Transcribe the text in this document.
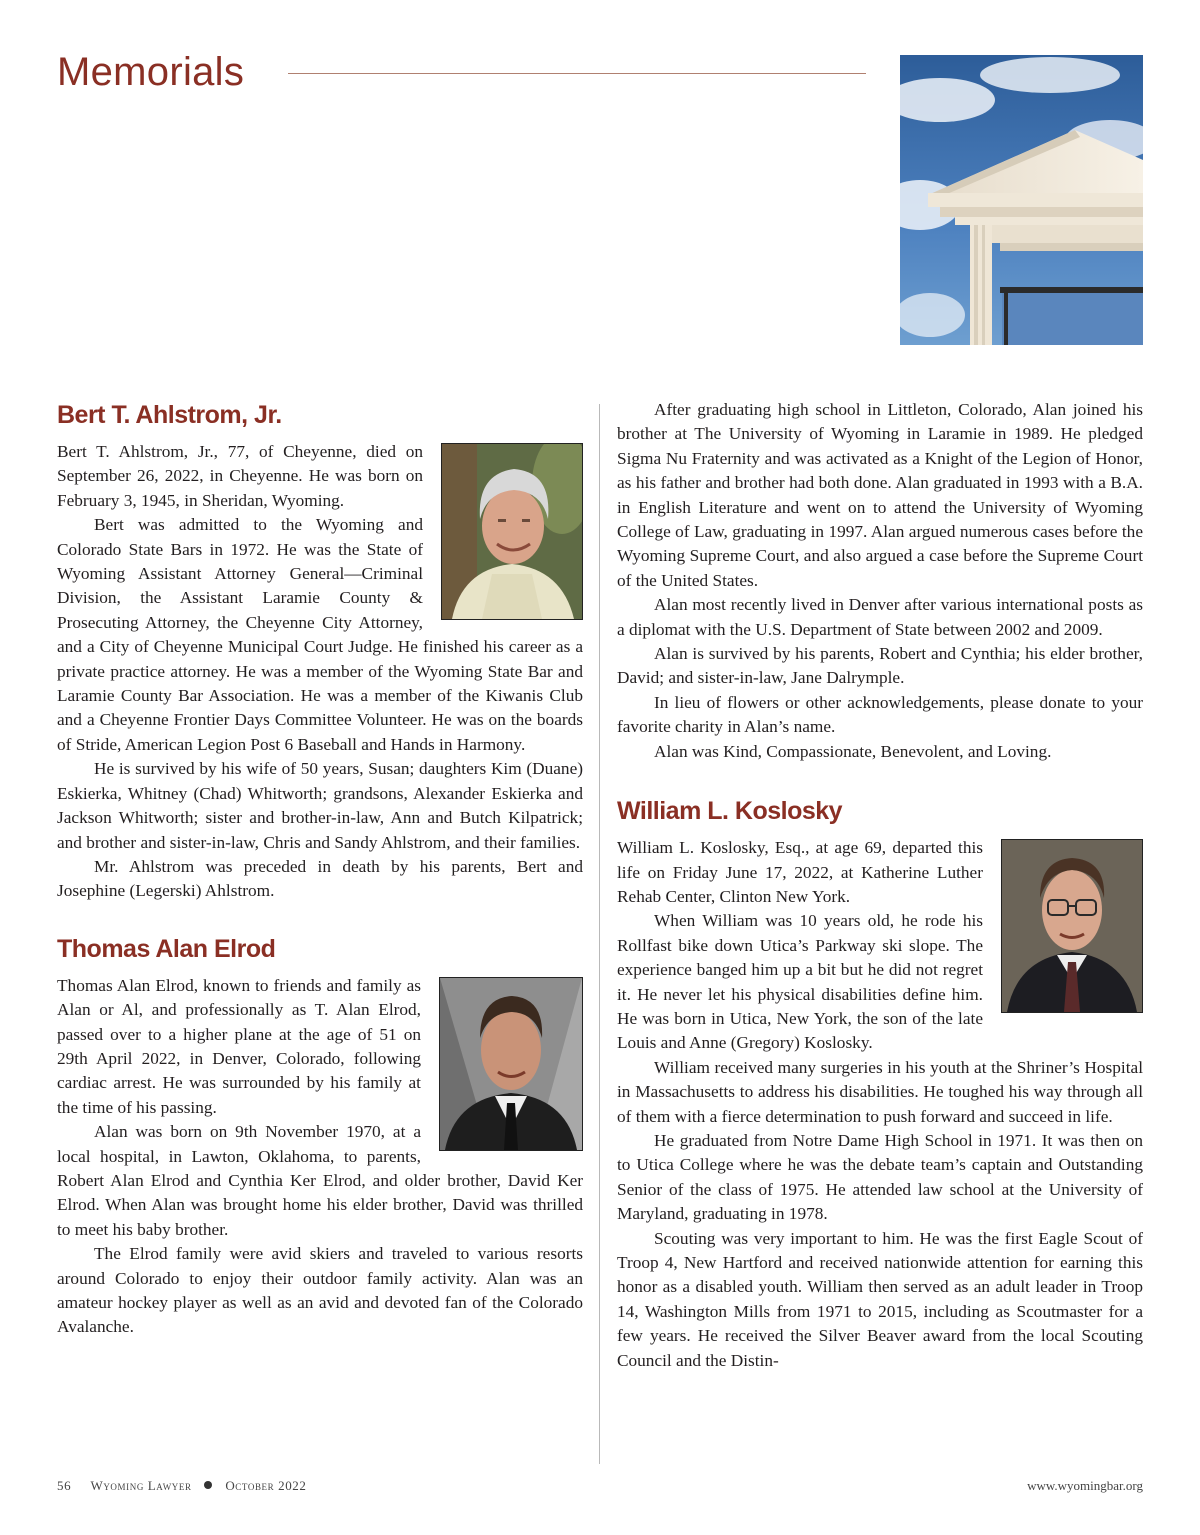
Memorials
Bert T. Ahlstrom, Jr.

Bert T. Ahlstrom, Jr., 77, of Cheyenne, died on September 26, 2022, in Cheyenne. He was born on February 3, 1945, in Sheridan, Wyoming.

Bert was admitted to the Wyoming and Colorado State Bars in 1972. He was the State of Wyoming Assistant Attorney General—Criminal Division, the Assistant Laramie County & Prosecuting Attorney, the Cheyenne City Attorney, and a City of Cheyenne Municipal Court Judge. He finished his career as a private practice attorney. He was a member of the Wyoming State Bar and Laramie County Bar Association. He was a member of the Kiwanis Club and a Cheyenne Frontier Days Committee Volunteer. He was on the boards of Stride, American Legion Post 6 Baseball and Hands in Harmony.

He is survived by his wife of 50 years, Susan; daughters Kim (Duane) Eskierka, Whitney (Chad) Whitworth; grandsons, Alexander Eskierka and Jackson Whitworth; sister and brother-in-law, Ann and Butch Kilpatrick; and brother and sister-in-law, Chris and Sandy Ahlstrom, and their families.

Mr. Ahlstrom was preceded in death by his parents, Bert and Josephine (Legerski) Ahlstrom.

Thomas Alan Elrod

Thomas Alan Elrod, known to friends and family as Alan or Al, and professionally as T. Alan Elrod, passed over to a higher plane at the age of 51 on 29th April 2022, in Denver, Colorado, following cardiac arrest. He was surrounded by his family at the time of his passing.

Alan was born on 9th November 1970, at a local hospital, in Lawton, Oklahoma, to parents, Robert Alan Elrod and Cynthia Ker Elrod, and older brother, David Ker Elrod. When Alan was brought home his elder brother, David was thrilled to meet his baby brother.

The Elrod family were avid skiers and traveled to various resorts around Colorado to enjoy their outdoor family activity. Alan was an amateur hockey player as well as an avid and devoted fan of the Colorado Avalanche.

After graduating high school in Littleton, Colorado, Alan joined his brother at The University of Wyoming in Laramie in 1989. He pledged Sigma Nu Fraternity and was activated as a Knight of the Legion of Honor, as his father and brother had both done. Alan graduated in 1993 with a B.A. in English Literature and went on to attend the University of Wyoming College of Law, graduating in 1997. Alan argued numerous cases before the Wyoming Supreme Court, and also argued a case before the Supreme Court of the United States.

Alan most recently lived in Denver after various international posts as a diplomat with the U.S. Department of State between 2002 and 2009.

Alan is survived by his parents, Robert and Cynthia; his elder brother, David; and sister-in-law, Jane Dalrymple.

In lieu of flowers or other acknowledgements, please donate to your favorite charity in Alan’s name.

Alan was Kind, Compassionate, Benevolent, and Loving.

William L. Koslosky

William L. Koslosky, Esq., at age 69, departed this life on Friday June 17, 2022, at Katherine Luther Rehab Center, Clinton New York.

When William was 10 years old, he rode his Rollfast bike down Utica’s Parkway ski slope. The experience banged him up a bit but he did not regret it. He never let his physical disabilities define him. He was born in Utica, New York, the son of the late Louis and Anne (Gregory) Koslosky.

William received many surgeries in his youth at the Shriner’s Hospital in Massachusetts to address his disabilities. He toughed his way through all of them with a fierce determination to push forward and succeed in life.

He graduated from Notre Dame High School in 1971. It was then on to Utica College where he was the debate team’s captain and Outstanding Senior of the class of 1975. He attended law school at the University of Maryland, graduating in 1978.

Scouting was very important to him. He was the first Eagle Scout of Troop 4, New Hartford and received nationwide attention for earning this honor as a disabled youth. William then served as an adult leader in Troop 14, Washington Mills from 1971 to 2015, including as Scoutmaster for a few years. He received the Silver Beaver award from the local Scouting Council and the Distin-

56 Wyoming Lawyer	October 2022	www.wyomingbar.org
